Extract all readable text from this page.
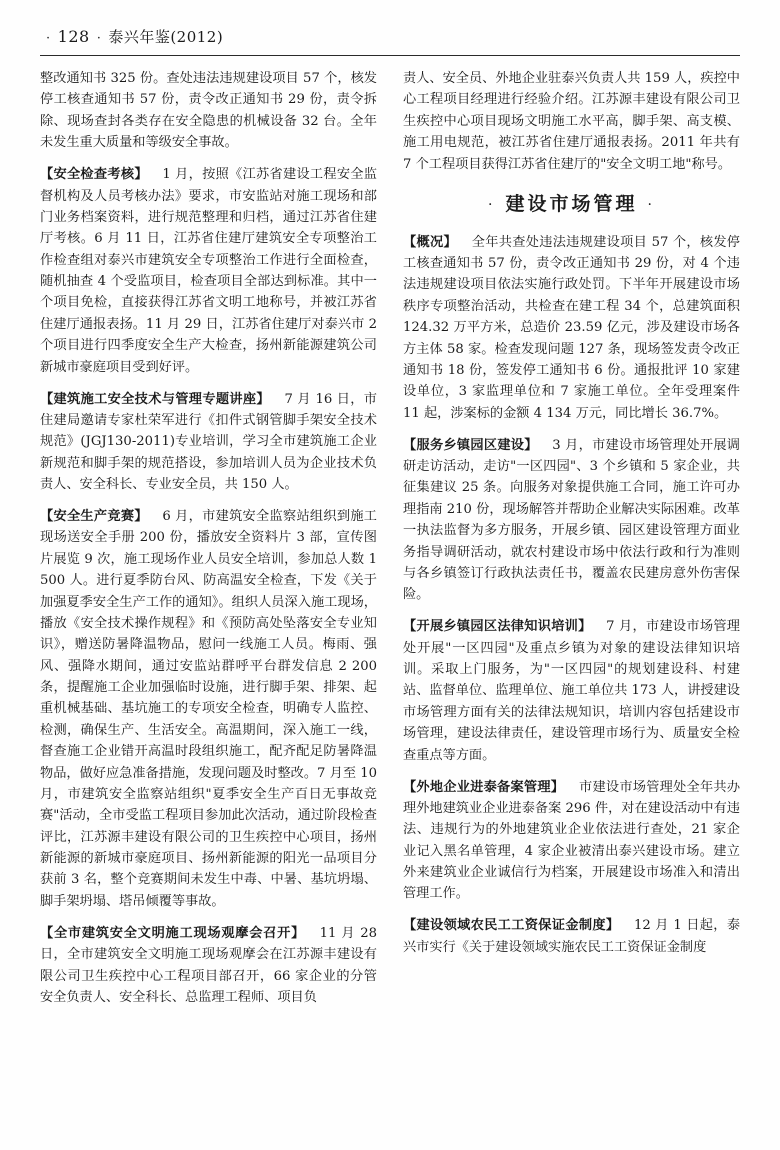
· 128 · 泰兴年鉴(2012)

整改通知书 325 份。查处违法违规建设项目 57 个，核发停工核查通知书 57 份，责令改正通知书 29 份，责令拆除、现场查封各类存在安全隐患的机械设备 32 台。全年未发生重大质量和等级安全事故。

【安全检查考核】 1 月，按照《江苏省建设工程安全监督机构及人员考核办法》要求，市安监站对施工现场和部门业务档案资料，进行规范整理和归档，通过江苏省住建厅考核。6 月 11 日，江苏省住建厅建筑安全专项整治工作检查组对泰兴市建筑安全专项整治工作进行全面检查，随机抽查 4 个受监项目，检查项目全部达到标准。其中一个项目免检，直接获得江苏省文明工地称号，并被江苏省住建厅通报表扬。11 月 29 日，江苏省住建厅对泰兴市 2 个项目进行四季度安全生产大检查，扬州新能源建筑公司新城市豪庭项目受到好评。

【建筑施工安全技术与管理专题讲座】 7 月 16 日，市住建局邀请专家杜荣军进行《扣件式钢管脚手架安全技术规范》(JGJ130-2011)专业培训，学习全市建筑施工企业新规范和脚手架的规范搭设，参加培训人员为企业技术负责人、安全科长、专业安全员，共 150 人。

【安全生产竞赛】 6 月，市建筑安全监察站组织到施工现场送安全手册 200 份，播放安全资料片 3 部，宣传图片展览 9 次，施工现场作业人员安全培训，参加总人数 1 500 人。进行夏季防台风、防高温安全检查，下发《关于加强夏季安全生产工作的通知》。组织人员深入施工现场，播放《安全技术操作规程》和《预防高处坠落安全专业知识》，赠送防暑降温物品，慰问一线施工人员。梅雨、强风、强降水期间，通过安监站群呼平台群发信息 2 200 条，提醒施工企业加强临时设施，进行脚手架、排架、起重机械基础、基坑施工的专项安全检查，明确专人监控、检测，确保生产、生活安全。高温期间，深入施工一线，督查施工企业错开高温时段组织施工，配齐配足防暑降温物品，做好应急准备措施，发现问题及时整改。7 月至 10 月，市建筑安全监察站组织"夏季安全生产百日无事故竞赛"活动，全市受监工程项目参加此次活动，通过阶段检查评比，江苏源丰建设有限公司的卫生疾控中心项目，扬州新能源的新城市豪庭项目、扬州新能源的阳光一品项目分获前 3 名，整个竞赛期间未发生中毒、中暑、基坑坍塌、脚手架坍塌、塔吊倾覆等事故。

【全市建筑安全文明施工现场观摩会召开】 11 月 28 日，全市建筑安全文明施工现场观摩会在江苏源丰建设有限公司卫生疾控中心工程项目部召开，66 家企业的分管安全负责人、安全科长、总监理工程师、项目负

责人、安全员、外地企业驻泰兴负责人共 159 人，疾控中心工程项目经理进行经验介绍。江苏源丰建设有限公司卫生疾控中心项目现场文明施工水平高，脚手架、高支模、施工用电规范，被江苏省住建厅通报表扬。2011 年共有 7 个工程项目获得江苏省住建厅的"安全文明工地"称号。

· 建设市场管理 ·

【概况】 全年共查处违法违规建设项目 57 个，核发停工核查通知书 57 份，责令改正通知书 29 份，对 4 个违法违规建设项目依法实施行政处罚。下半年开展建设市场秩序专项整治活动，共检查在建工程 34 个，总建筑面积 124.32 万平方米，总造价 23.59 亿元，涉及建设市场各方主体 58 家。检查发现问题 127 条，现场签发责令改正通知书 18 份，签发停工通知书 6 份。通报批评 10 家建设单位，3 家监理单位和 7 家施工单位。全年受理案件 11 起，涉案标的金额 4 134 万元，同比增长 36.7%。

【服务乡镇园区建设】 3 月，市建设市场管理处开展调研走访活动，走访"一区四园"、3 个乡镇和 5 家企业，共征集建议 25 条。向服务对象提供施工合同，施工许可办理指南 210 份，现场解答并帮助企业解决实际困难。改革一执法监督为多方服务，开展乡镇、园区建设管理方面业务指导调研活动，就农村建设市场中依法行政和行为准则与各乡镇签订行政执法责任书，覆盖农民建房意外伤害保险。

【开展乡镇园区法律知识培训】 7 月，市建设市场管理处开展"一区四园"及重点乡镇为对象的建设法律知识培训。采取上门服务，为"一区四园"的规划建设科、村建站、监督单位、监理单位、施工单位共 173 人，讲授建设市场管理方面有关的法律法规知识，培训内容包括建设市场管理，建设法律责任，建设管理市场行为、质量安全检查重点等方面。

【外地企业进泰备案管理】 市建设市场管理处全年共办理外地建筑业企业进泰备案 296 件，对在建设活动中有违法、违规行为的外地建筑业企业依法进行查处，21 家企业记入黑名单管理，4 家企业被清出泰兴建设市场。建立外来建筑业企业诚信行为档案，开展建设市场准入和清出管理工作。

【建设领域农民工工资保证金制度】 12 月 1 日起，泰兴市实行《关于建设领域实施农民工工资保证金制度
